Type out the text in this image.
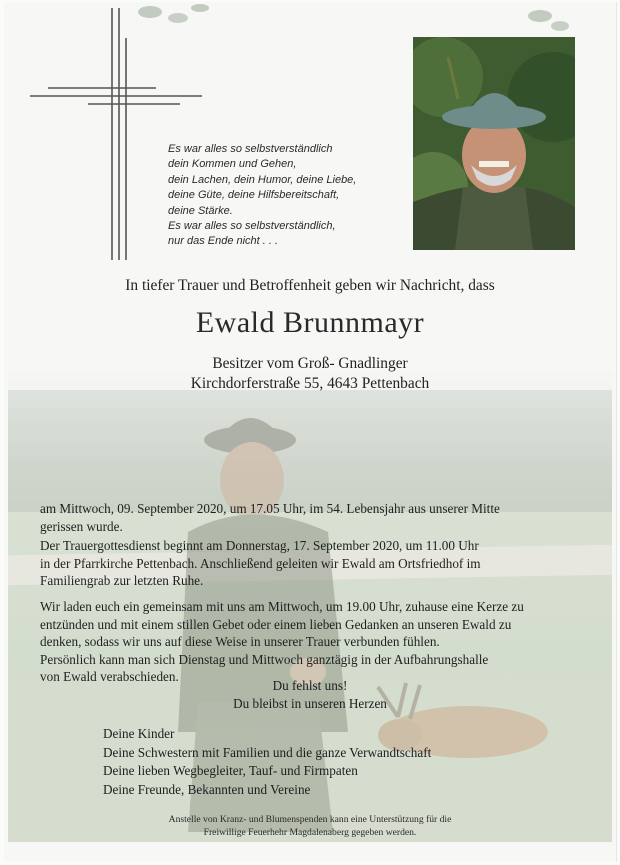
Es war alles so selbstverständlich
dein Kommen und Gehen,
dein Lachen, dein Humor, deine Liebe,
deine Güte, deine Hilfsbereitschaft,
deine Stärke.
Es war alles so selbstverständlich,
nur das Ende nicht . . .
In tiefer Trauer und Betroffenheit geben wir Nachricht, dass
Ewald Brunnmayr
Besitzer vom Groß- Gnadlinger
Kirchdorferstraße 55, 4643 Pettenbach

am Mittwoch, 09. September 2020, um 17.05 Uhr, im 54. Lebensjahr aus unserer Mitte
gerissen wurde.

Der Trauergottesdienst beginnt am Donnerstag, 17. September 2020, um 11.00 Uhr
in der Pfarrkirche Pettenbach. Anschließend geleiten wir Ewald am Ortsfriedhof im
Familiengrab zur letzten Ruhe.

Wir laden euch ein gemeinsam mit uns am Mittwoch, um 19.00 Uhr, zuhause eine Kerze zu
entzünden und mit einem stillen Gebet oder einem lieben Gedanken an unseren Ewald zu
denken, sodass wir uns auf diese Weise in unserer Trauer verbunden fühlen.
Persönlich kann man sich Dienstag und Mittwoch ganztägig in der Aufbahrungshalle
von Ewald verabschieden.

Du fehlst uns!
Du bleibst in unseren Herzen
Deine Kinder
Deine Schwestern mit Familien und die ganze Verwandtschaft
Deine lieben Wegbegleiter, Tauf- und Firmpaten
Deine Freunde, Bekannten und Vereine
Anstelle von Kranz- und Blumenspenden kann eine Unterstützung für die
Freiwillige Feuerhehr Magdalenaberg gegeben werden.
